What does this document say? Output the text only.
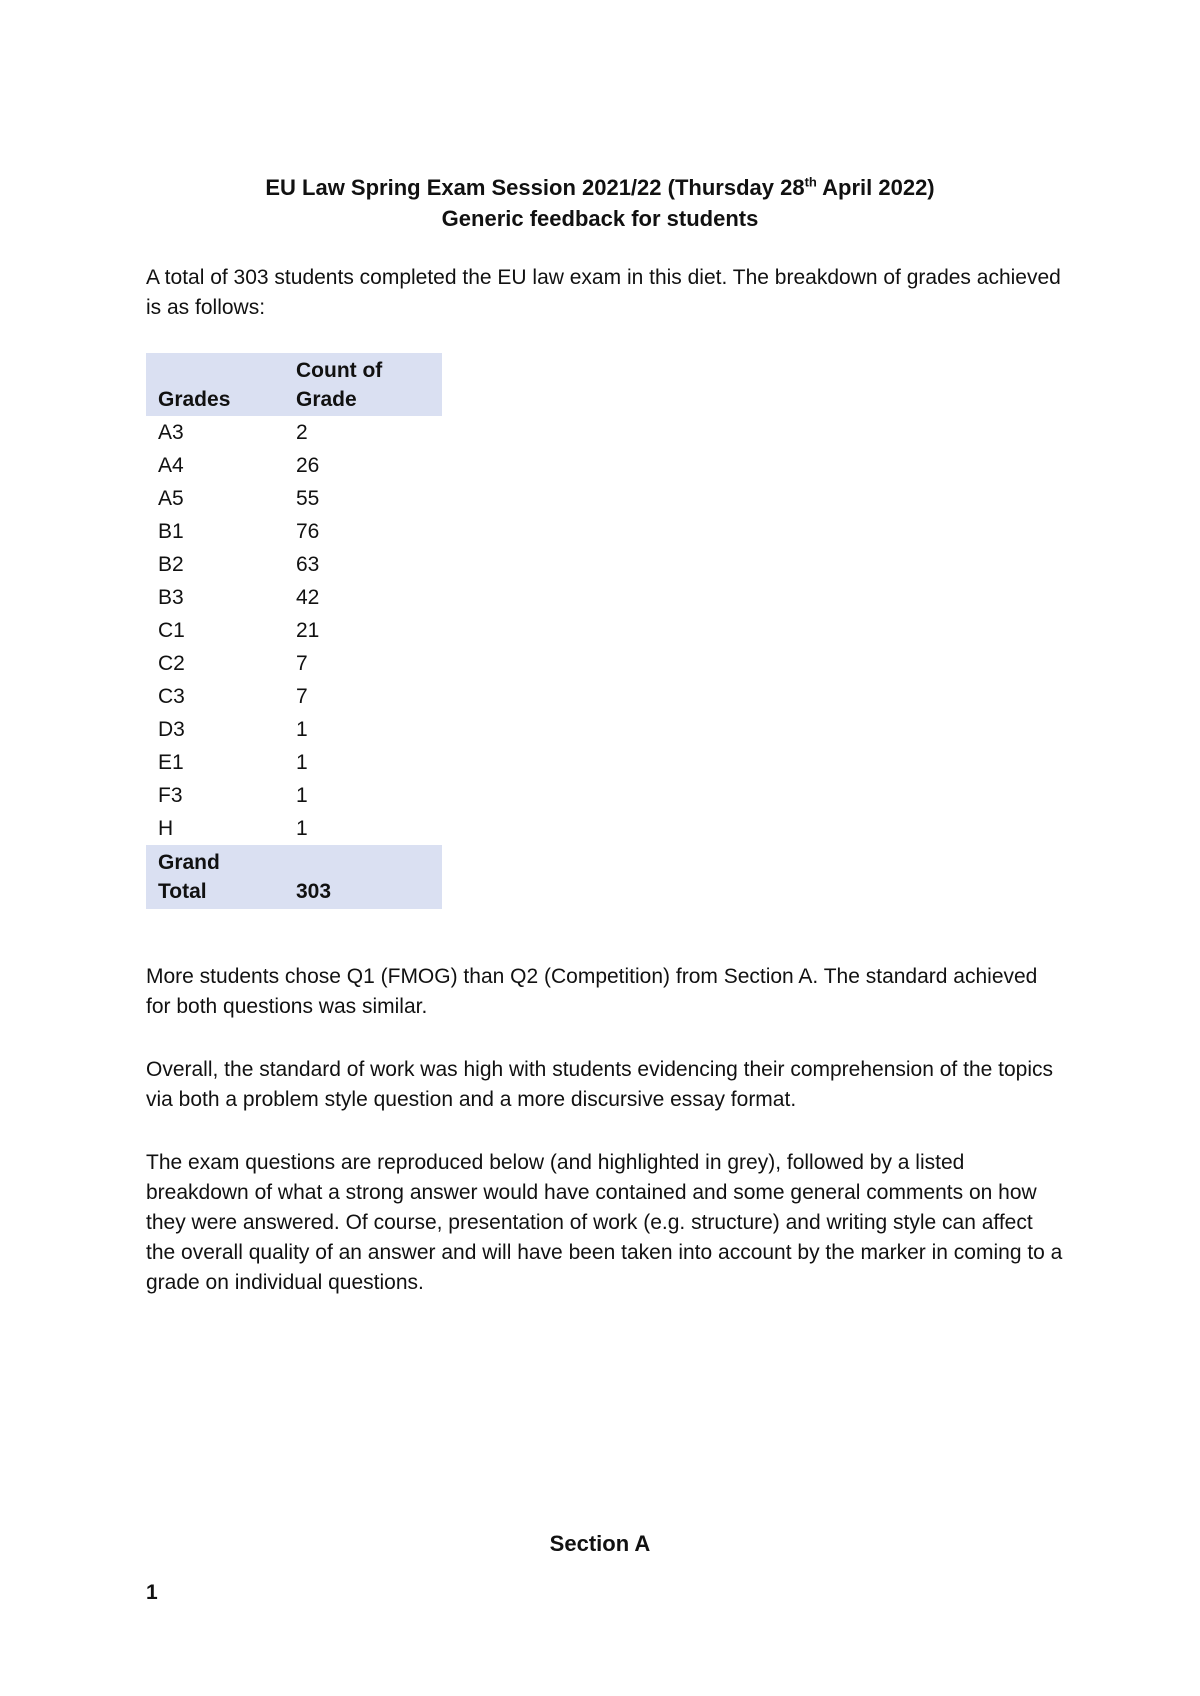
EU Law Spring Exam Session 2021/22 (Thursday 28th April 2022)
Generic feedback for students
A total of 303 students completed the EU law exam in this diet. The breakdown of grades achieved is as follows:
Grades	Count of Grade
A3	2
A4	26
A5	55
B1	76
B2	63
B3	42
C1	21
C2	7
C3	7
D3	1
E1	1
F3	1
H	1
Grand Total	303
More students chose Q1 (FMOG) than Q2 (Competition) from Section A. The standard achieved for both questions was similar.
Overall, the standard of work was high with students evidencing their comprehension of the topics via both a problem style question and a more discursive essay format.
The exam questions are reproduced below (and highlighted in grey), followed by a listed breakdown of what a strong answer would have contained and some general comments on how they were answered. Of course, presentation of work (e.g. structure) and writing style can affect the overall quality of an answer and will have been taken into account by the marker in coming to a grade on individual questions.
Section A
1
